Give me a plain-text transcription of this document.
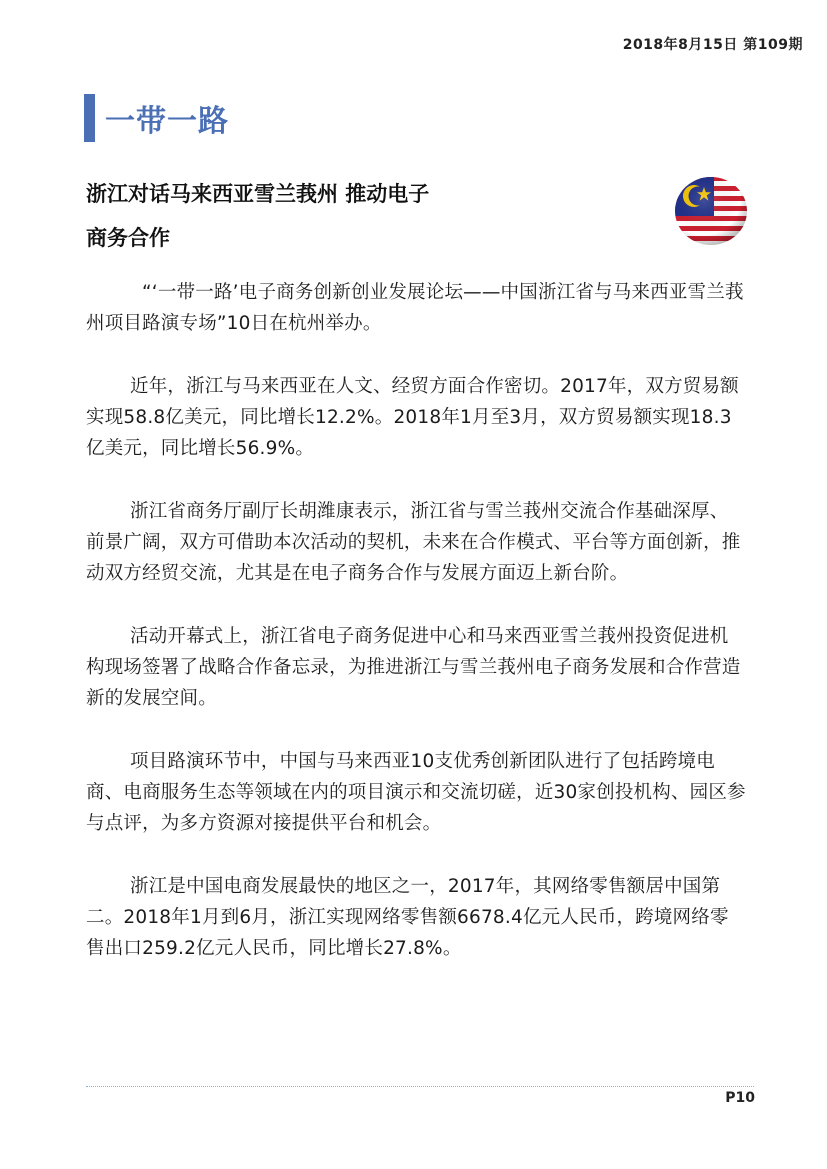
2018年8月15日 第109期
一带一路
浙江对话马来西亚雪兰莪州 推动电子
商务合作

“‘一带一路’电子商务创新创业发展论坛——中国浙江省与马来西亚雪兰莪州项目路演专场”10日在杭州举办。

近年，浙江与马来西亚在人文、经贸方面合作密切。2017年，双方贸易额实现58.8亿美元，同比增长12.2%。2018年1月至3月，双方贸易额实现18.3亿美元，同比增长56.9%。

浙江省商务厅副厅长胡潍康表示，浙江省与雪兰莪州交流合作基础深厚、前景广阔，双方可借助本次活动的契机，未来在合作模式、平台等方面创新，推动双方经贸交流，尤其是在电子商务合作与发展方面迈上新台阶。

活动开幕式上，浙江省电子商务促进中心和马来西亚雪兰莪州投资促进机构现场签署了战略合作备忘录，为推进浙江与雪兰莪州电子商务发展和合作营造新的发展空间。

项目路演环节中，中国与马来西亚10支优秀创新团队进行了包括跨境电商、电商服务生态等领域在内的项目演示和交流切磋，近30家创投机构、园区参与点评，为多方资源对接提供平台和机会。

浙江是中国电商发展最快的地区之一，2017年，其网络零售额居中国第二。2018年1月到6月，浙江实现网络零售额6678.4亿元人民币，跨境网络零售出口259.2亿元人民币，同比增长27.8%。

P10
